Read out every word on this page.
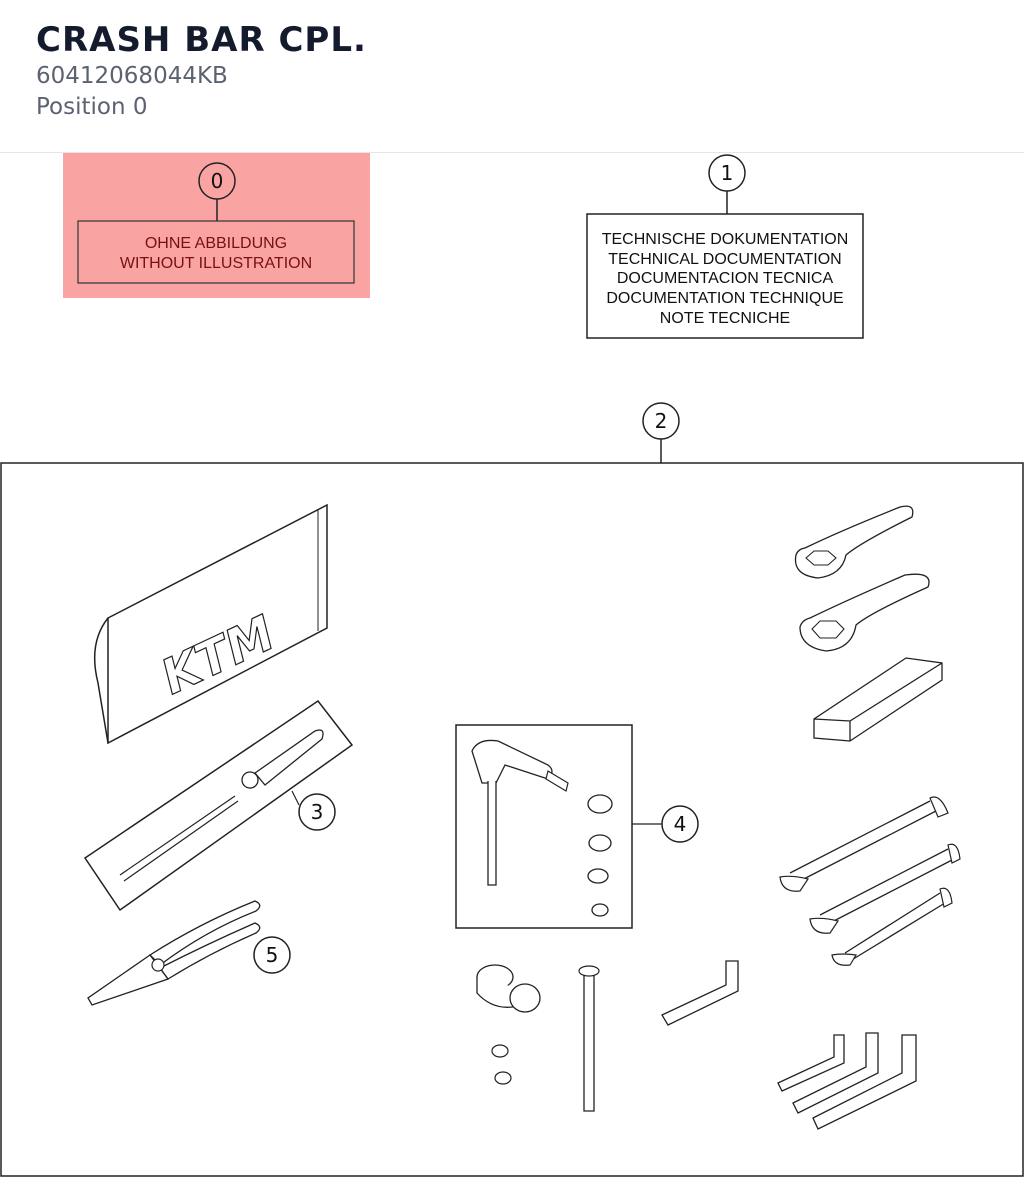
CRASH BAR CPL.
60412068044KB
Position 0
0
OHNE ABBILDUNG
WITHOUT ILLUSTRATION
1
TECHNISCHE DOKUMENTATION
TECHNICAL DOCUMENTATION
DOCUMENTACION TECNICA
DOCUMENTATION TECHNIQUE
NOTE TECNICHE
2
KTM
3	4
5
